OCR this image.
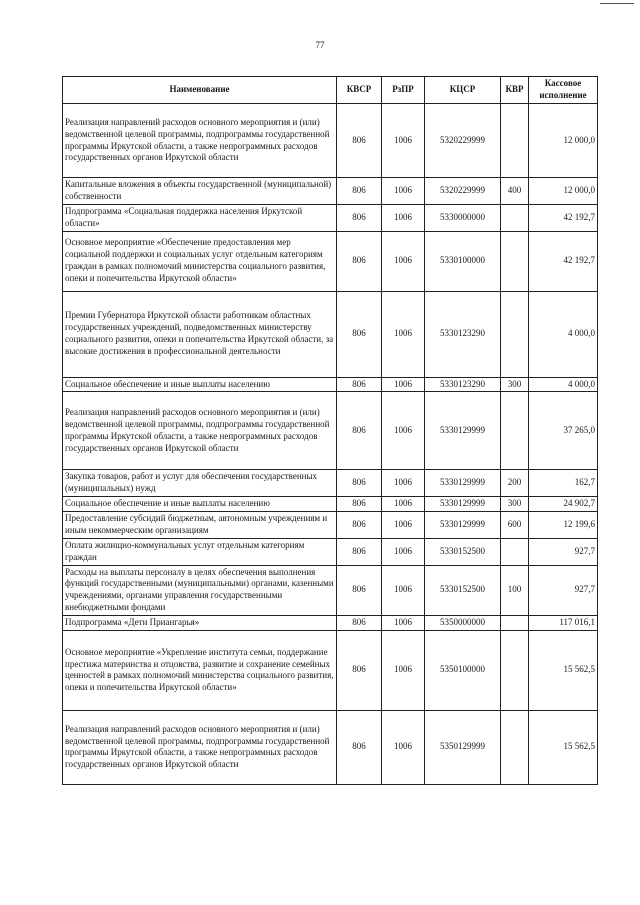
77
Наименование	КВСР	РзПР	КЦСР	КВР	Кассовое исполнение
Реализация направлений расходов основного мероприятия и (или) ведомственной целевой программы, подпрограммы государственной программы Иркутской области, а также непрограммных расходов государственных органов Иркутской области	806	1006	5320229999		12 000,0
Капитальные вложения в объекты государственной (муниципальной) собственности	806	1006	5320229999	400	12 000,0
Подпрограмма «Социальная поддержка населения Иркутской области»	806	1006	5330000000		42 192,7
Основное мероприятие «Обеспечение предоставления мер социальной поддержки и социальных услуг отдельным категориям граждан в рамках полномочий министерства социального развития, опеки и попечительства Иркутской области»	806	1006	5330100000		42 192,7
Премии Губернатора Иркутской области работникам областных государственных учреждений, подведомственных министерству социального развития, опеки и попечительства Иркутской области, за высокие достижения в профессиональной деятельности	806	1006	5330123290		4 000,0
Социальное обеспечение и иные выплаты населению	806	1006	5330123290	300	4 000,0
Реализация направлений расходов основного мероприятия и (или) ведомственной целевой программы, подпрограммы государственной программы Иркутской области, а также непрограммных расходов государственных органов Иркутской области	806	1006	5330129999		37 265,0
Закупка товаров, работ и услуг для обеспечения государственных (муниципальных) нужд	806	1006	5330129999	200	162,7
Социальное обеспечение и иные выплаты населению	806	1006	5330129999	300	24 902,7
Предоставление субсидий бюджетным, автономным учреждениям и иным некоммерческим организациям	806	1006	5330129999	600	12 199,6
Оплата жилищно-коммунальных услуг отдельным категориям граждан	806	1006	5330152500		927,7
Расходы на выплаты персоналу в целях обеспечения выполнения функций государственными (муниципальными) органами, казенными учреждениями, органами управления государственными внебюджетными фондами	806	1006	5330152500	100	927,7
Подпрограмма «Дети Приангарья»	806	1006	5350000000		117 016,1
Основное мероприятие «Укрепление института семьи, поддержание престижа материнства и отцовства, развитие и сохранение семейных ценностей в рамках полномочий министерства социального развития, опеки и попечительства Иркутской области»	806	1006	5350100000		15 562,5
Реализация направлений расходов основного мероприятия и (или) ведомственной целевой программы, подпрограммы государственной программы Иркутской области, а также непрограммных расходов государственных органов Иркутской области	806	1006	5350129999		15 562,5
